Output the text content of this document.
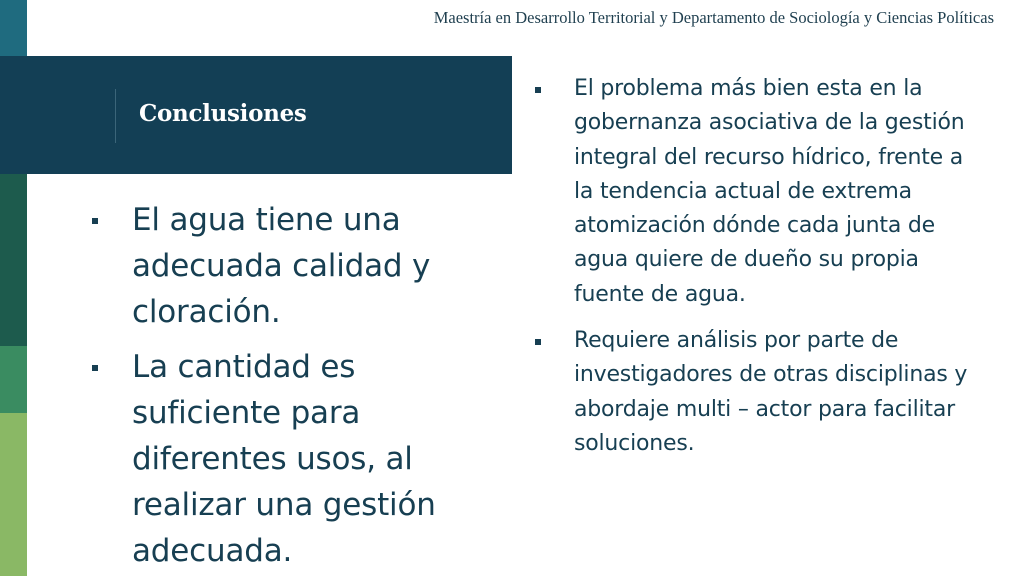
Maestría en Desarrollo Territorial y Departamento de Sociología y Ciencias Políticas
Conclusiones
El agua tiene una adecuada calidad y cloración.
La cantidad es suficiente para diferentes usos, al realizar una gestión adecuada.
El problema más bien esta en la gobernanza asociativa de la gestión integral del recurso hídrico, frente a la tendencia actual de extrema atomización dónde cada junta de agua quiere de dueño su propia fuente de agua.
Requiere análisis por parte de investigadores de otras disciplinas y abordaje multi – actor para facilitar soluciones.
